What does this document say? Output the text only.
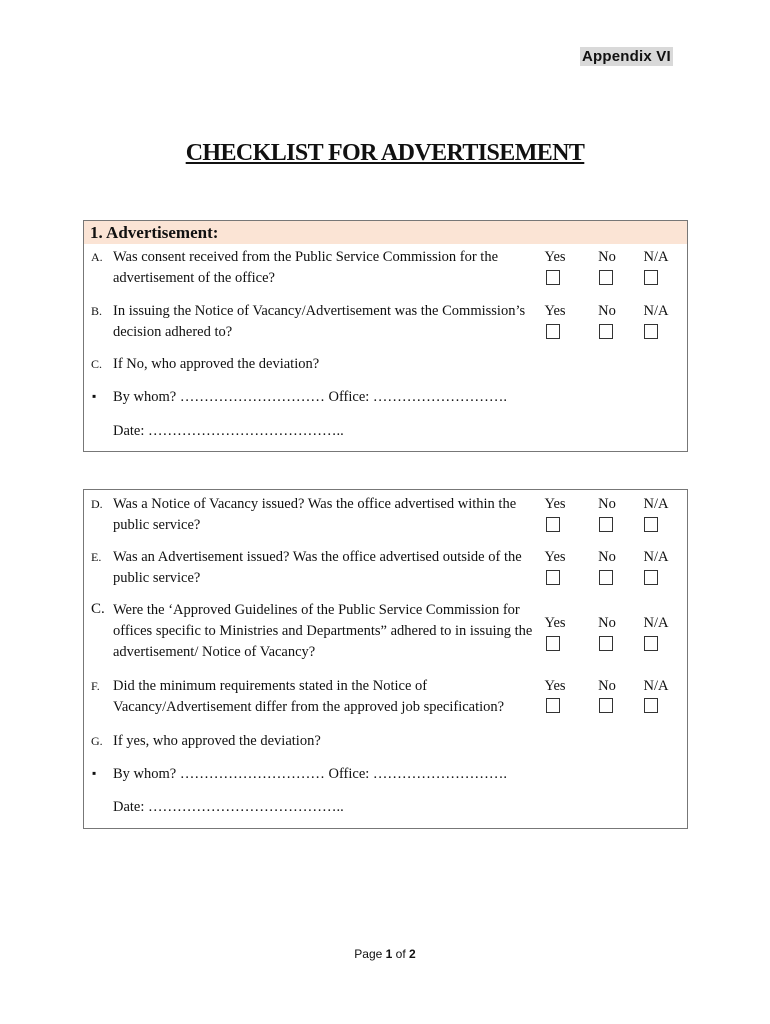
Appendix VI
CHECKLIST FOR ADVERTISEMENT
1. Advertisement:
A. Was consent received from the Public Service Commission for the advertisement of the office?
Yes	No	N/A
B. In issuing the Notice of Vacancy/Advertisement was the Commission’s decision adhered to?
Yes	No	N/A
C. If No, who approved the deviation?
▪ By whom? ………………………… Office: ……………………….
Date: …………………………………..
D. Was a Notice of Vacancy issued? Was the office advertised within the public service?
Yes	No	N/A
E. Was an Advertisement issued? Was the office advertised outside of the public service?
Yes	No	N/A
C. Were the ‘Approved Guidelines of the Public Service Commission for offices specific to Ministries and Departments” adhered to in issuing the advertisement/ Notice of Vacancy?
Yes	No	N/A
F. Did the minimum requirements stated in the Notice of Vacancy/Advertisement differ from the approved job specification?
Yes	No	N/A
G. If yes, who approved the deviation?
▪ By whom? ………………………… Office: ……………………….
Date: …………………………………..
Page 1 of 2
